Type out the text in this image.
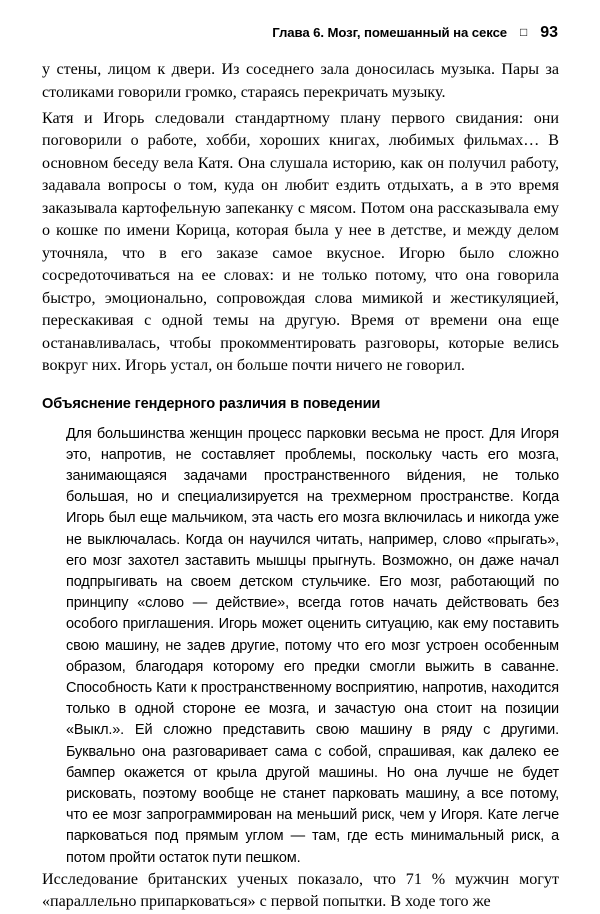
Глава 6. Мозг, помешанный на сексе □ 93

у стены, лицом к двери. Из соседнего зала доносилась музыка. Пары за столиками говорили громко, стараясь перекричать музыку.

Катя и Игорь следовали стандартному плану первого свидания: они поговорили о работе, хобби, хороших книгах, любимых фильмах… В основном беседу вела Катя. Она слушала историю, как он получил работу, задавала вопросы о том, куда он любит ездить отдыхать, а в это время заказывала картофельную запеканку с мясом. Потом она рассказывала ему о кошке по имени Корица, которая была у нее в детстве, и между делом уточняла, что в его заказе самое вкусное. Игорю было сложно сосредоточиваться на ее словах: и не только потому, что она говорила быстро, эмоционально, сопровождая слова мимикой и жестикуляцией, перескакивая с одной темы на другую. Время от времени она еще останавливалась, чтобы прокомментировать разговоры, которые велись вокруг них. Игорь устал, он больше почти ничего не говорил.

Объяснение гендерного различия в поведении

Для большинства женщин процесс парковки весьма не прост. Для Игоря это, напротив, не составляет проблемы, поскольку часть его мозга, занимающаяся задачами пространственного ви́дения, не только большая, но и специализируется на трехмерном пространстве. Когда Игорь был еще мальчиком, эта часть его мозга включилась и никогда уже не выключалась. Когда он научился читать, например, слово «прыгать», его мозг захотел заставить мышцы прыгнуть. Возможно, он даже начал подпрыгивать на своем детском стульчике. Его мозг, работающий по принципу «слово — действие», всегда готов начать действовать без особого приглашения. Игорь может оценить ситуацию, как ему поставить свою машину, не задев другие, потому что его мозг устроен особенным образом, благодаря которому его предки смогли выжить в саванне. Способность Кати к пространственному восприятию, напротив, находится только в одной стороне ее мозга, и зачастую она стоит на позиции «Выкл.». Ей сложно представить свою машину в ряду с другими. Буквально она разговаривает сама с собой, спрашивая, как далеко ее бампер окажется от крыла другой машины. Но она лучше не будет рисковать, поэтому вообще не станет парковать машину, а все потому, что ее мозг запрограммирован на меньший риск, чем у Игоря. Кате легче парковаться под прямым углом — там, где есть минимальный риск, а потом пройти остаток пути пешком.

Исследование британских ученых показало, что 71 % мужчин могут «параллельно припарковаться» с первой попытки. В ходе того же
